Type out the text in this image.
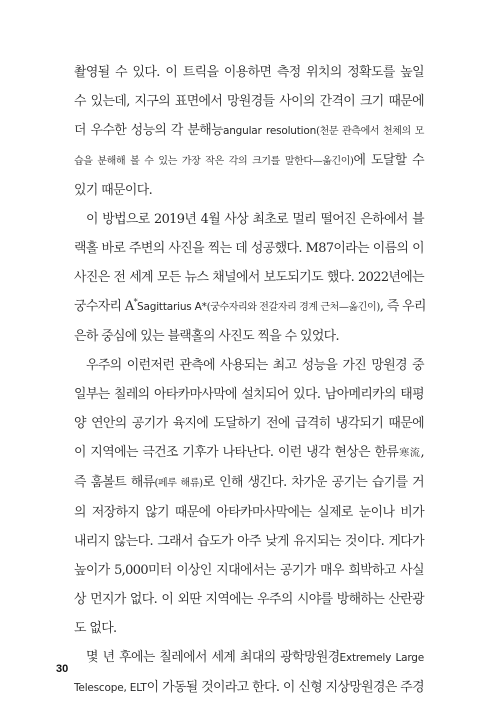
촬영될 수 있다. 이 트릭을 이용하면 측정 위치의 정확도를 높일
수 있는데, 지구의 표면에서 망원경들 사이의 간격이 크기 때문에
더 우수한 성능의 각 분해능angular resolution(천문 관측에서 천체의 모
습을 분해해 볼 수 있는 가장 작은 각의 크기를 말한다—옮긴이)에 도달할 수
있기 때문이다.
이 방법으로 2019년 4월 사상 최초로 멀리 떨어진 은하에서 블
랙홀 바로 주변의 사진을 찍는 데 성공했다. M87이라는 이름의 이
사진은 전 세계 모든 뉴스 채널에서 보도되기도 했다. 2022년에는
궁수자리 A*Sagittarius A*(궁수자리와 전갈자리 경계 근처—옮긴이), 즉 우리
은하 중심에 있는 블랙홀의 사진도 찍을 수 있었다.
우주의 이런저런 관측에 사용되는 최고 성능을 가진 망원경 중
일부는 칠레의 아타카마사막에 설치되어 있다. 남아메리카의 태평
양 연안의 공기가 육지에 도달하기 전에 급격히 냉각되기 때문에
이 지역에는 극건조 기후가 나타난다. 이런 냉각 현상은 한류寒流,
즉 훔볼트 해류(페루 해류)로 인해 생긴다. 차가운 공기는 습기를 거
의 저장하지 않기 때문에 아타카마사막에는 실제로 눈이나 비가
내리지 않는다. 그래서 습도가 아주 낮게 유지되는 것이다. 게다가
높이가 5,000미터 이상인 지대에서는 공기가 매우 희박하고 사실
상 먼지가 없다. 이 외딴 지역에는 우주의 시야를 방해하는 산란광
도 없다.
몇 년 후에는 칠레에서 세계 최대의 광학망원경Extremely Large
Telescope, ELT이 가동될 것이라고 한다. 이 신형 지상망원경은 주경
30
